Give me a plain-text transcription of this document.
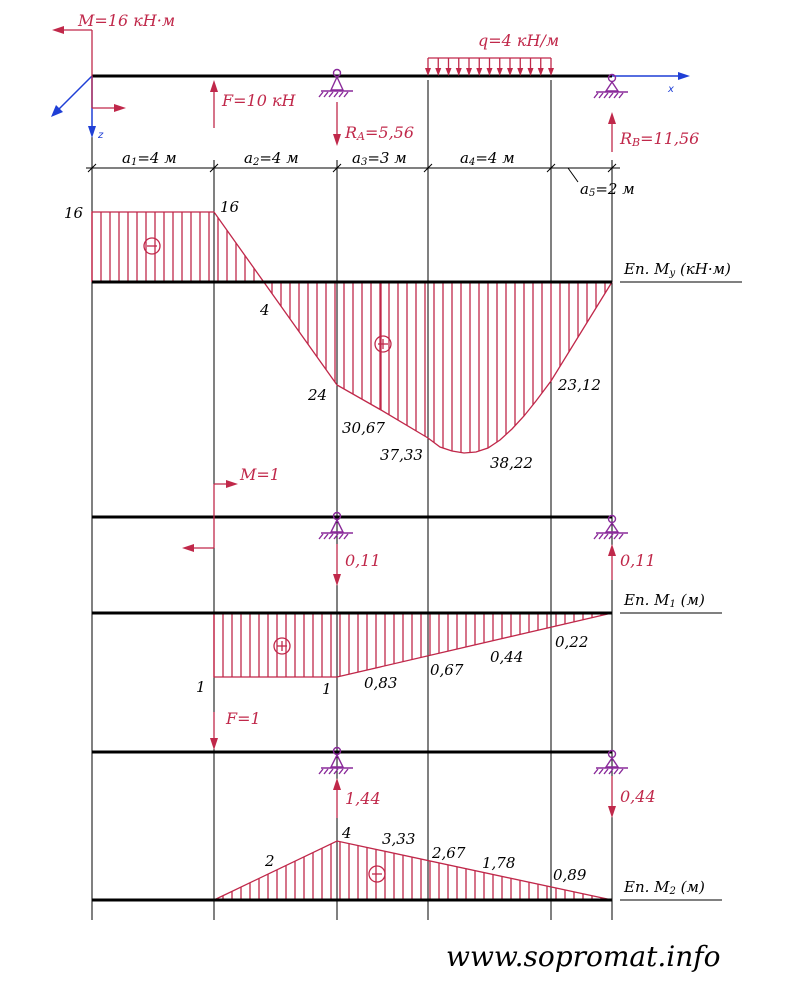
x
z
M=16 кН·м
F=10 кН
q=4 кН/м
RA=5,56	RB=11,56
a1=4 м	a2=4 м	a3=3 м	a4=4 м
a5=2 м
16	16
4
24
30,67
37,33	38,22
23,12
Еп. My (кН·м)
M=1
0,11	0,11
1	1 0,83
0,67
0,44
0,22
Еп. M1 (м)
F=1
1,44	0,44
2
4 3,33
2,67
1,78
0,89
Еп. M2 (м)
www.sopromat.info
